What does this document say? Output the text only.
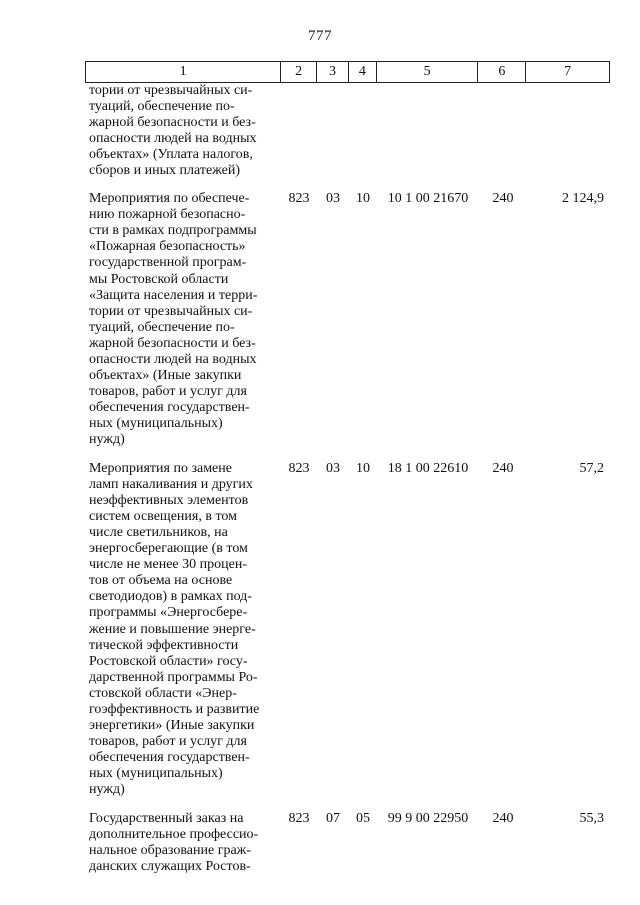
777
1	2	3	4	5	6	7
тории от чрезвычайных си-
туаций, обеспечение по-
жарной безопасности и без-
опасности людей на водных
объектах» (Уплата налогов,
сборов и иных платежей)
Мероприятия по обеспече-
нию пожарной безопасно-
сти в рамках подпрограммы
«Пожарная безопасность»
государственной програм-
мы Ростовской области
«Защита населения и терри-
тории от чрезвычайных си-
туаций, обеспечение по-
жарной безопасности и без-
опасности людей на водных
объектах» (Иные закупки
товаров, работ и услуг для
обеспечения государствен-
ных (муниципальных)
нужд)
823	03	10	10 1 00 21670	240	2 124,9
Мероприятия по замене
ламп накаливания и других
неэффективных элементов
систем освещения, в том
числе светильников, на
энергосберегающие (в том
числе не менее 30 процен-
тов от объема на основе
светодиодов) в рамках под-
программы «Энергосбере-
жение и повышение энерге-
тической эффективности
Ростовской области» госу-
дарственной программы Ро-
стовской области «Энер-
гоэффективность и развитие
энергетики» (Иные закупки
товаров, работ и услуг для
обеспечения государствен-
ных (муниципальных)
нужд)
823	03	10	18 1 00 22610	240	57,2
Государственный заказ на
дополнительное профессио-
нальное образование граж-
данских служащих Ростов-
823	07	05	99 9 00 22950	240	55,3
